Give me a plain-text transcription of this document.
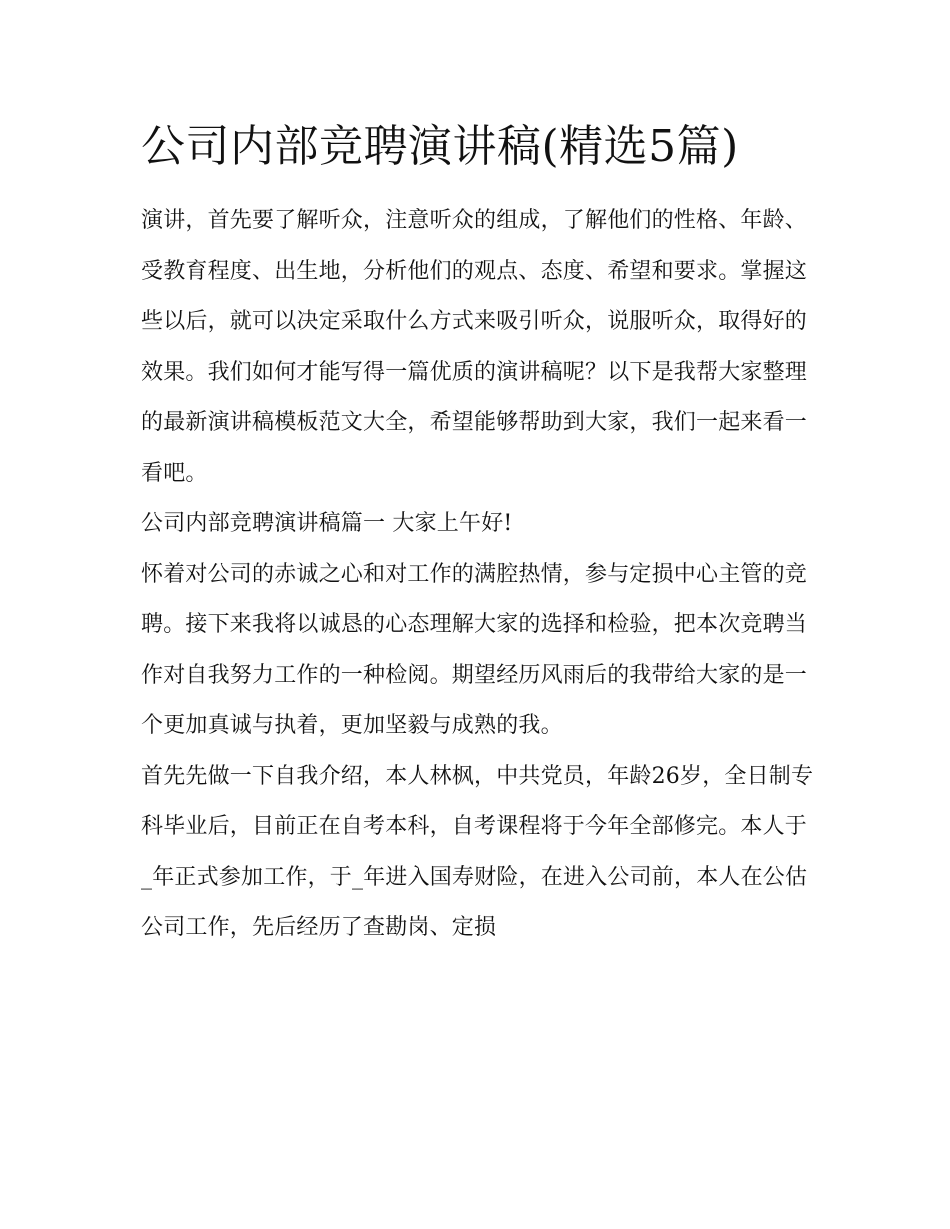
公司内部竞聘演讲稿(精选5篇)

演讲，首先要了解听众，注意听众的组成，了解他们的性格、年龄、受教育程度、出生地，分析他们的观点、态度、希望和要求。掌握这些以后，就可以决定采取什么方式来吸引听众，说服听众，取得好的效果。我们如何才能写得一篇优质的演讲稿呢？以下是我帮大家整理的最新演讲稿模板范文大全，希望能够帮助到大家，我们一起来看一看吧。

公司内部竞聘演讲稿篇一 大家上午好!

怀着对公司的赤诚之心和对工作的满腔热情，参与定损中心主管的竞聘。接下来我将以诚恳的心态理解大家的选择和检验，把本次竞聘当作对自我努力工作的一种检阅。期望经历风雨后的我带给大家的是一个更加真诚与执着，更加坚毅与成熟的我。

首先先做一下自我介绍，本人林枫，中共党员，年龄26岁，全日制专科毕业后，目前正在自考本科，自考课程将于今年全部修完。本人于_年正式参加工作，于_年进入国寿财险，在进入公司前，本人在公估公司工作，先后经历了查勘岗、定损
